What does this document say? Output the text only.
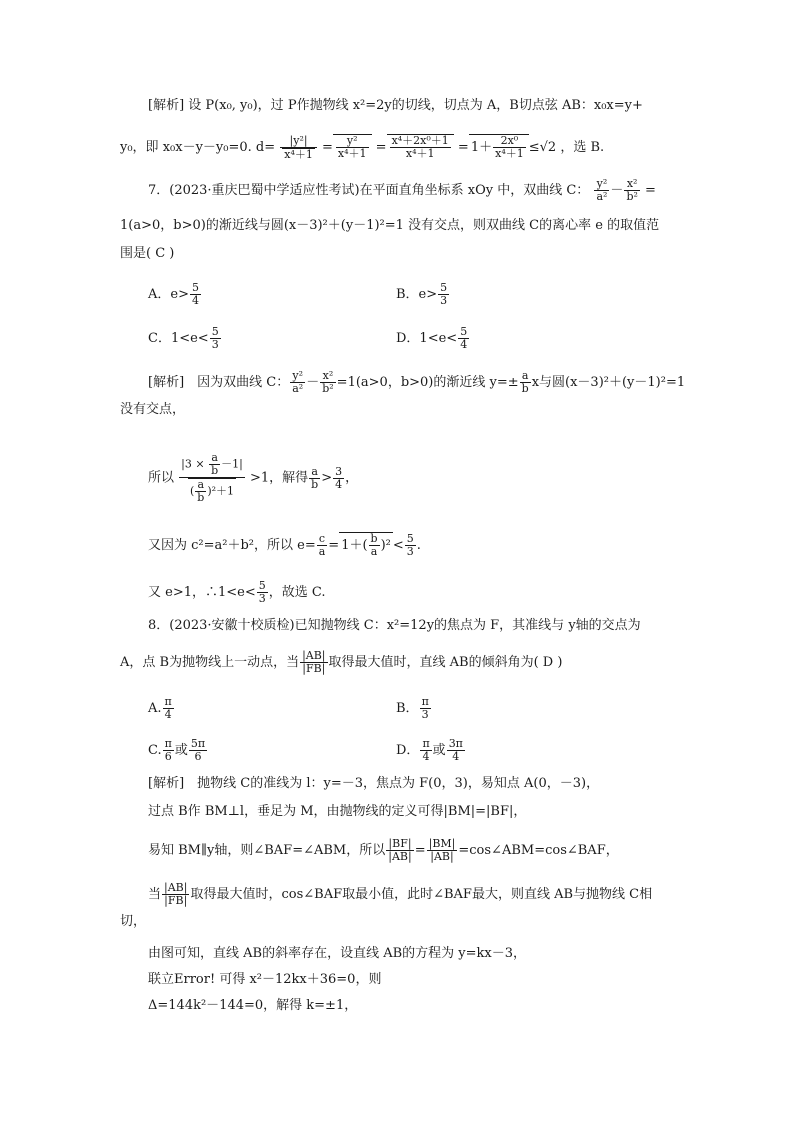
[解析] 设 P(x₀, y₀)，过 P作抛物线 x²=2y的切线，切点为 A，B切点弦 AB：x₀x=y+
y₀，即 x₀x－y－y₀=0. $d= \frac{\text{|y²|}}{\text{x⁴＋1}} = \frac{\text{y²}}{\text{x⁴＋1}} = \frac{\text{x⁴＋2x⁰＋1}}{\text{x⁴＋1}} = 1+ \frac{\text{2x⁰}}{\text{x⁴＋1}} \le√2$ ，选 B.
7．(2023·重庆巴蜀中学适应性考试)在平面直角坐标系 xOy 中，双曲线 C： $\frac{\text{y²}}{\text{a²}} - \frac{\text{x²}}{\text{b²}}$ =
1(a>0，b>0)的渐近线与圆(x－3)²＋(y－1)²=1 没有交点，则双曲线 C的离心率 e 的取值范
围是( C )
A．$e> \frac{5}{4}$	B．$e> \frac{5}{3}$
C．$1<e< \frac{5}{3}$	D．$1<e< \frac{5}{4}$
[解析]　因为双曲线 C： $\frac{\text{y²}}{\text{a²}} - \frac{\text{x²}}{\text{b²}} =1(a>0$，b>0)的渐近线 $y=\pm \frac{a}{b}$ x与圆(x－3)²＋(y－1)²=1
没有交点，
所以 $\frac{|3 \times \frac{a}{b} -1|}{( \frac{a}{b} )^2+1} >1$，解得 $\frac{a}{b} > \frac{3}{4}$ ，
又因为 c²=a²＋b²，所以 $e= \frac{c}{a} = 1+( \frac{b}{a} )^2 < \frac{5}{3}$ .
又 e>1，∴1<e< $\frac{5}{3}$ ，故选 C.
8．(2023·安徽十校质检)已知抛物线 C：x²=12y的焦点为 F，其准线与 y轴的交点为
A，点 B为抛物线上一动点，当 $\frac{|AB|}{|FB|}$ 取得最大值时，直线 AB的倾斜角为( D )
A. $\frac{\pi}{4}$	B． $\frac{\pi}{3}$
C. $\frac{\pi}{6}$ 或 $\frac{5\pi}{6}$	D． $\frac{\pi}{4}$ 或 $\frac{3\pi}{4}$
[解析]　抛物线 C的准线为 l：y=－3，焦点为 F(0，3)，易知点 A(0，－3)，
过点 B作 BM⊥l，垂足为 M，由抛物线的定义可得|BM|=|BF|，
易知 BM∥y轴，则∠BAF=∠ABM，所以 $\frac{|BF|}{|AB|} = \frac{|BM|}{|AB|}$ =cos∠ABM=cos∠BAF，
当 $\frac{|AB|}{|FB|}$ 取得最大值时，cos∠BAF取最小值，此时∠BAF最大，则直线 AB与抛物线 C相
切，
由图可知，直线 AB的斜率存在，设直线 AB的方程为 y=kx－3，
联立Error! 可得 x²－12kx＋36=0，则
Δ=144k²－144=0，解得 k=±1，
